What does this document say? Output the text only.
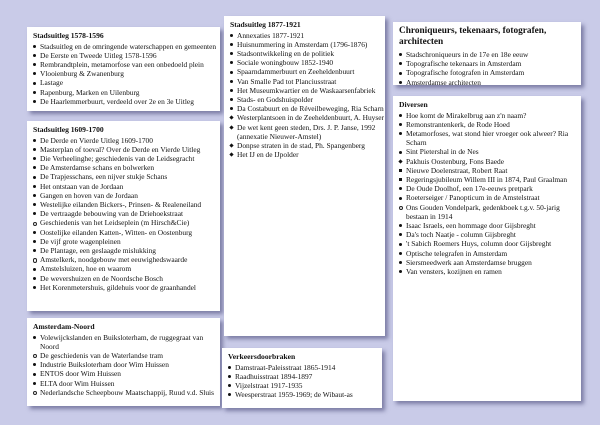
Stadsuitleg 1578-1596
Stadsuitleg en de omringende waterschappen en gemeenten
De Eerste en Tweede Uitleg 1578-1596
Rembrandtplein, metamorfose van een onbedoeld plein
Vlooienburg & Zwanenburg
Lastage
Rapenburg, Marken en Uilenburg
De Haarlemmerbuurt, verdeeld over 2e en 3e Uitleg
Stadsuitleg 1609-1700
De Derde en Vierde Uitleg 1609-1700
Masterplan of toeval? Over de Derde en Vierde Uitleg
Die Verheelinghe; geschiedenis van de Leidsegracht
De Amsterdamse schans en bolwerken
De Trapjesschans, een nijver stukje Schans
Het ontstaan van de Jordaan
Gangen en hoven van de Jordaan
Westelijke eilanden Bickers-, Prinsen- & Realeneiland
De vertraagde bebouwing van de Driehoekstraat
Geschiedenis van het Leidseplein (m Hirsch&Cie)
Oostelijke eilanden Katten-, Witten- en Oostenburg
De vijf grote wagenpleinen
De Plantage, een geslaagde mislukking
Amstelkerk, noodgebouw met eeuwighedswaarde
Amstelsluizen, hoe en waarom
De wevershuizen en de Noordsche Bosch
Het Korenmetershuis, gildehuis voor de graanhandel
Amsterdam-Noord
Volewijckslanden en Buiksloterham, de ruggegraat van Noord
De geschiedenis van de Waterlandse tram
Industrie Buiksloterham door Wim Huissen
ENTOS door Wim Huissen
ELTA door Wim Huissen
Nederlandsche Scheepbouw Maatschappij, Ruud v.d. Sluis
Stadsuitleg 1877-1921
Annexaties 1877-1921
Huisnummering in Amsterdam (1796-1876)
Stadsontwikkeling en de politiek
Sociale woningbouw 1852-1940
Spaarndammerbuurt en Zeeheldenbuurt
Van Smalle Pad tot Planciusstraat
Het Museumkwartier en de Waskaarsenfabriek
Stads- en Godshuispolder
Da Costabuurt en de Réveilbeweging, Ria Scharn
Westerplantsoen in de Zeeheldenbuurt, A. Huyser
De wet kent geen steden, Drs. J. P. Janse, 1992
(annexatie Nieuwer-Amstel)
Donpse straten in de stad, Ph. Spangenberg
Het IJ en de IJpolder
Verkeersdoorbraken
Damstraat-Paleisstraat 1865-1914
Raadhuisstraat 1894-1897
Vijzelstraat 1917-1935
Weesperstraat 1959-1969; de Wibaut-as
Chroniqueurs, tekenaars, fotografen, architecten
Stadschroniqueurs in de 17e en 18e eeuw
Topografische tekenaars in Amsterdam
Topografische fotografen in Amsterdam
Amsterdamse architecten
Diversen
Hoe komt de Mirakelbrug aan z'n naam?
Remonstrantenkerk, de Rode Hoed
Metamorfoses, wat stond hier vroeger ook alweer? Ria Scharn
Sint Pietershal in de Nes
Pakhuis Oostenburg, Fons Baede
Nieuwe Doelenstraat, Robert Raat
Regeringsjubileum Willem III in 1874, Paul Graalman
De Oude Doolhof, een 17e-eeuws pretpark
Roeterseiger / Panopticum in de Amstelstraat
Ons Gouden Vondelpark, gedenkboek t.g.v. 50-jarig bestaan in 1914
Isaac Israels, een hommage door Gijsbreght
Da's toch Naatje - column Gijsbreght
't Sabich Roemers Huys, column door Gijsbreght
Optische telegrafen in Amsterdam
Siersmeedwerk aan Amsterdamse bruggen
Van vensters, kozijnen en ramen
